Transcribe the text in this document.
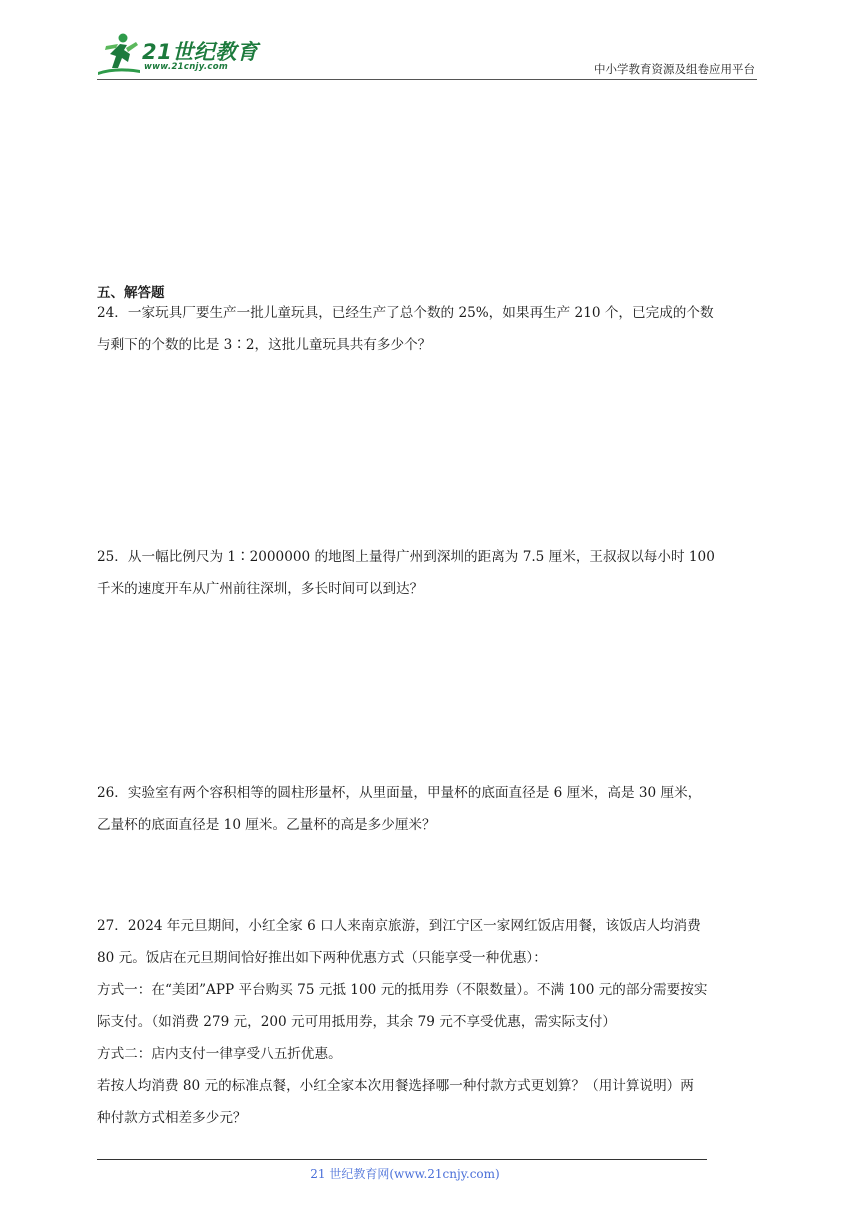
21世纪教育
www.21cnjy.com	中小学教育资源及组卷应用平台
五、解答题

24．一家玩具厂要生产一批儿童玩具，已经生产了总个数的 25%，如果再生产 210 个，已完成的个数

与剩下的个数的比是 3∶2，这批儿童玩具共有多少个？

25．从一幅比例尺为 1∶2000000 的地图上量得广州到深圳的距离为 7.5 厘米，王叔叔以每小时 100

千米的速度开车从广州前往深圳，多长时间可以到达？

26．实验室有两个容积相等的圆柱形量杯，从里面量，甲量杯的底面直径是 6 厘米，高是 30 厘米，

乙量杯的底面直径是 10 厘米。乙量杯的高是多少厘米？

27．2024 年元旦期间，小红全家 6 口人来南京旅游，到江宁区一家网红饭店用餐，该饭店人均消费

80 元。饭店在元旦期间恰好推出如下两种优惠方式（只能享受一种优惠）：

方式一：在“美团”APP 平台购买 75 元抵 100 元的抵用券（不限数量）。不满 100 元的部分需要按实

际支付。（如消费 279 元，200 元可用抵用券，其余 79 元不享受优惠，需实际支付）

方式二：店内支付一律享受八五折优惠。

若按人均消费 80 元的标准点餐，小红全家本次用餐选择哪一种付款方式更划算？（用计算说明）两

种付款方式相差多少元？

21 世纪教育网(www.21cnjy.com)
